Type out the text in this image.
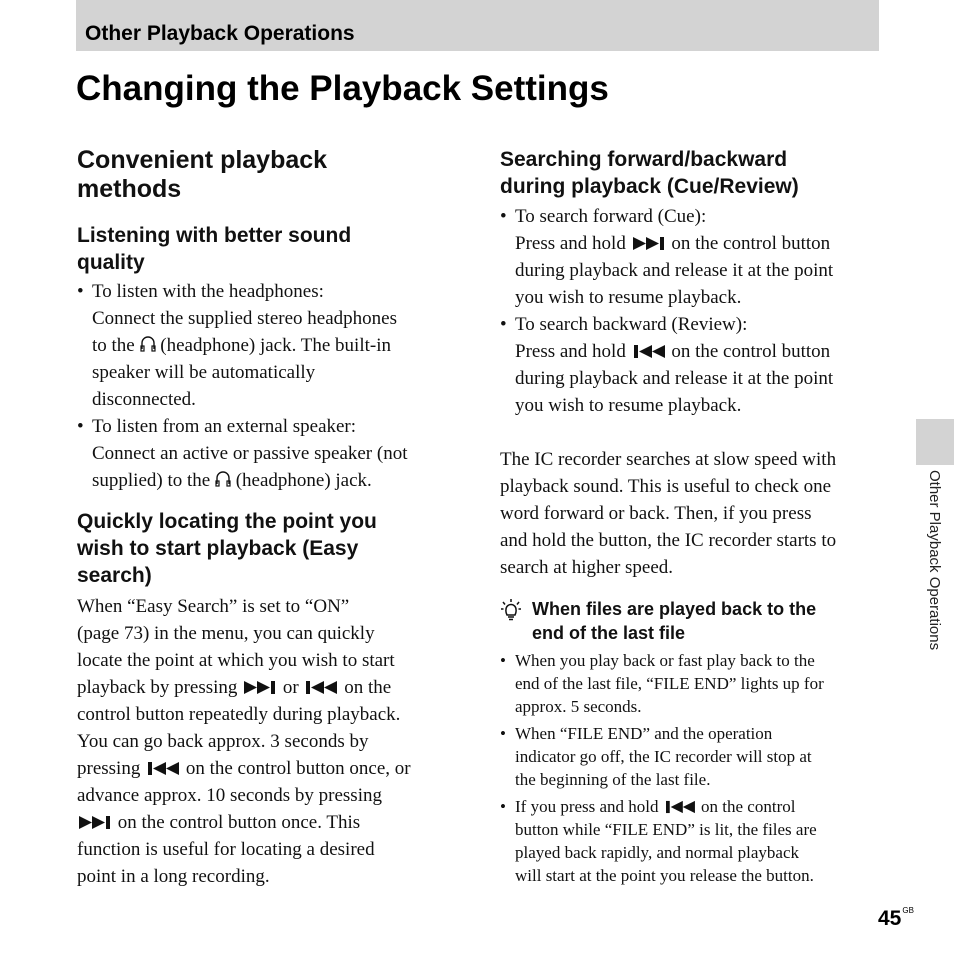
Other Playback Operations
Changing the Playback Settings
Convenient playback
methods
Listening with better sound
quality
• To listen with the headphones:
Connect the supplied stereo headphones
to the (headphone) jack. The built-in
speaker will be automatically
disconnected.
• To listen from an external speaker:
Connect an active or passive speaker (not
supplied) to the (headphone) jack.
Quickly locating the point you
wish to start playback (Easy
search)
When “Easy Search” is set to “ON”
(page 73) in the menu, you can quickly
locate the point at which you wish to start
playback by pressing or on the
control button repeatedly during playback.
You can go back approx. 3 seconds by
pressing on the control button once, or
advance approx. 10 seconds by pressing
on the control button once. This
function is useful for locating a desired
point in a long recording.
Searching forward/backward
during playback (Cue/Review)
• To search forward (Cue):
Press and hold on the control button
during playback and release it at the point
you wish to resume playback.
• To search backward (Review):
Press and hold on the control button
during playback and release it at the point
you wish to resume playback.
The IC recorder searches at slow speed with
playback sound. This is useful to check one
word forward or back. Then, if you press
and hold the button, the IC recorder starts to
search at higher speed.
When files are played back to the
end of the last file
• When you play back or fast play back to the
end of the last file, “FILE END” lights up for
approx. 5 seconds.
• When “FILE END” and the operation
indicator go off, the IC recorder will stop at
the beginning of the last file.
• If you press and hold	on the control
button while “FILE END” is lit, the files are
played back rapidly, and normal playback
will start at the point you release the button.
Other Playback Operations
$45^{GB}$
